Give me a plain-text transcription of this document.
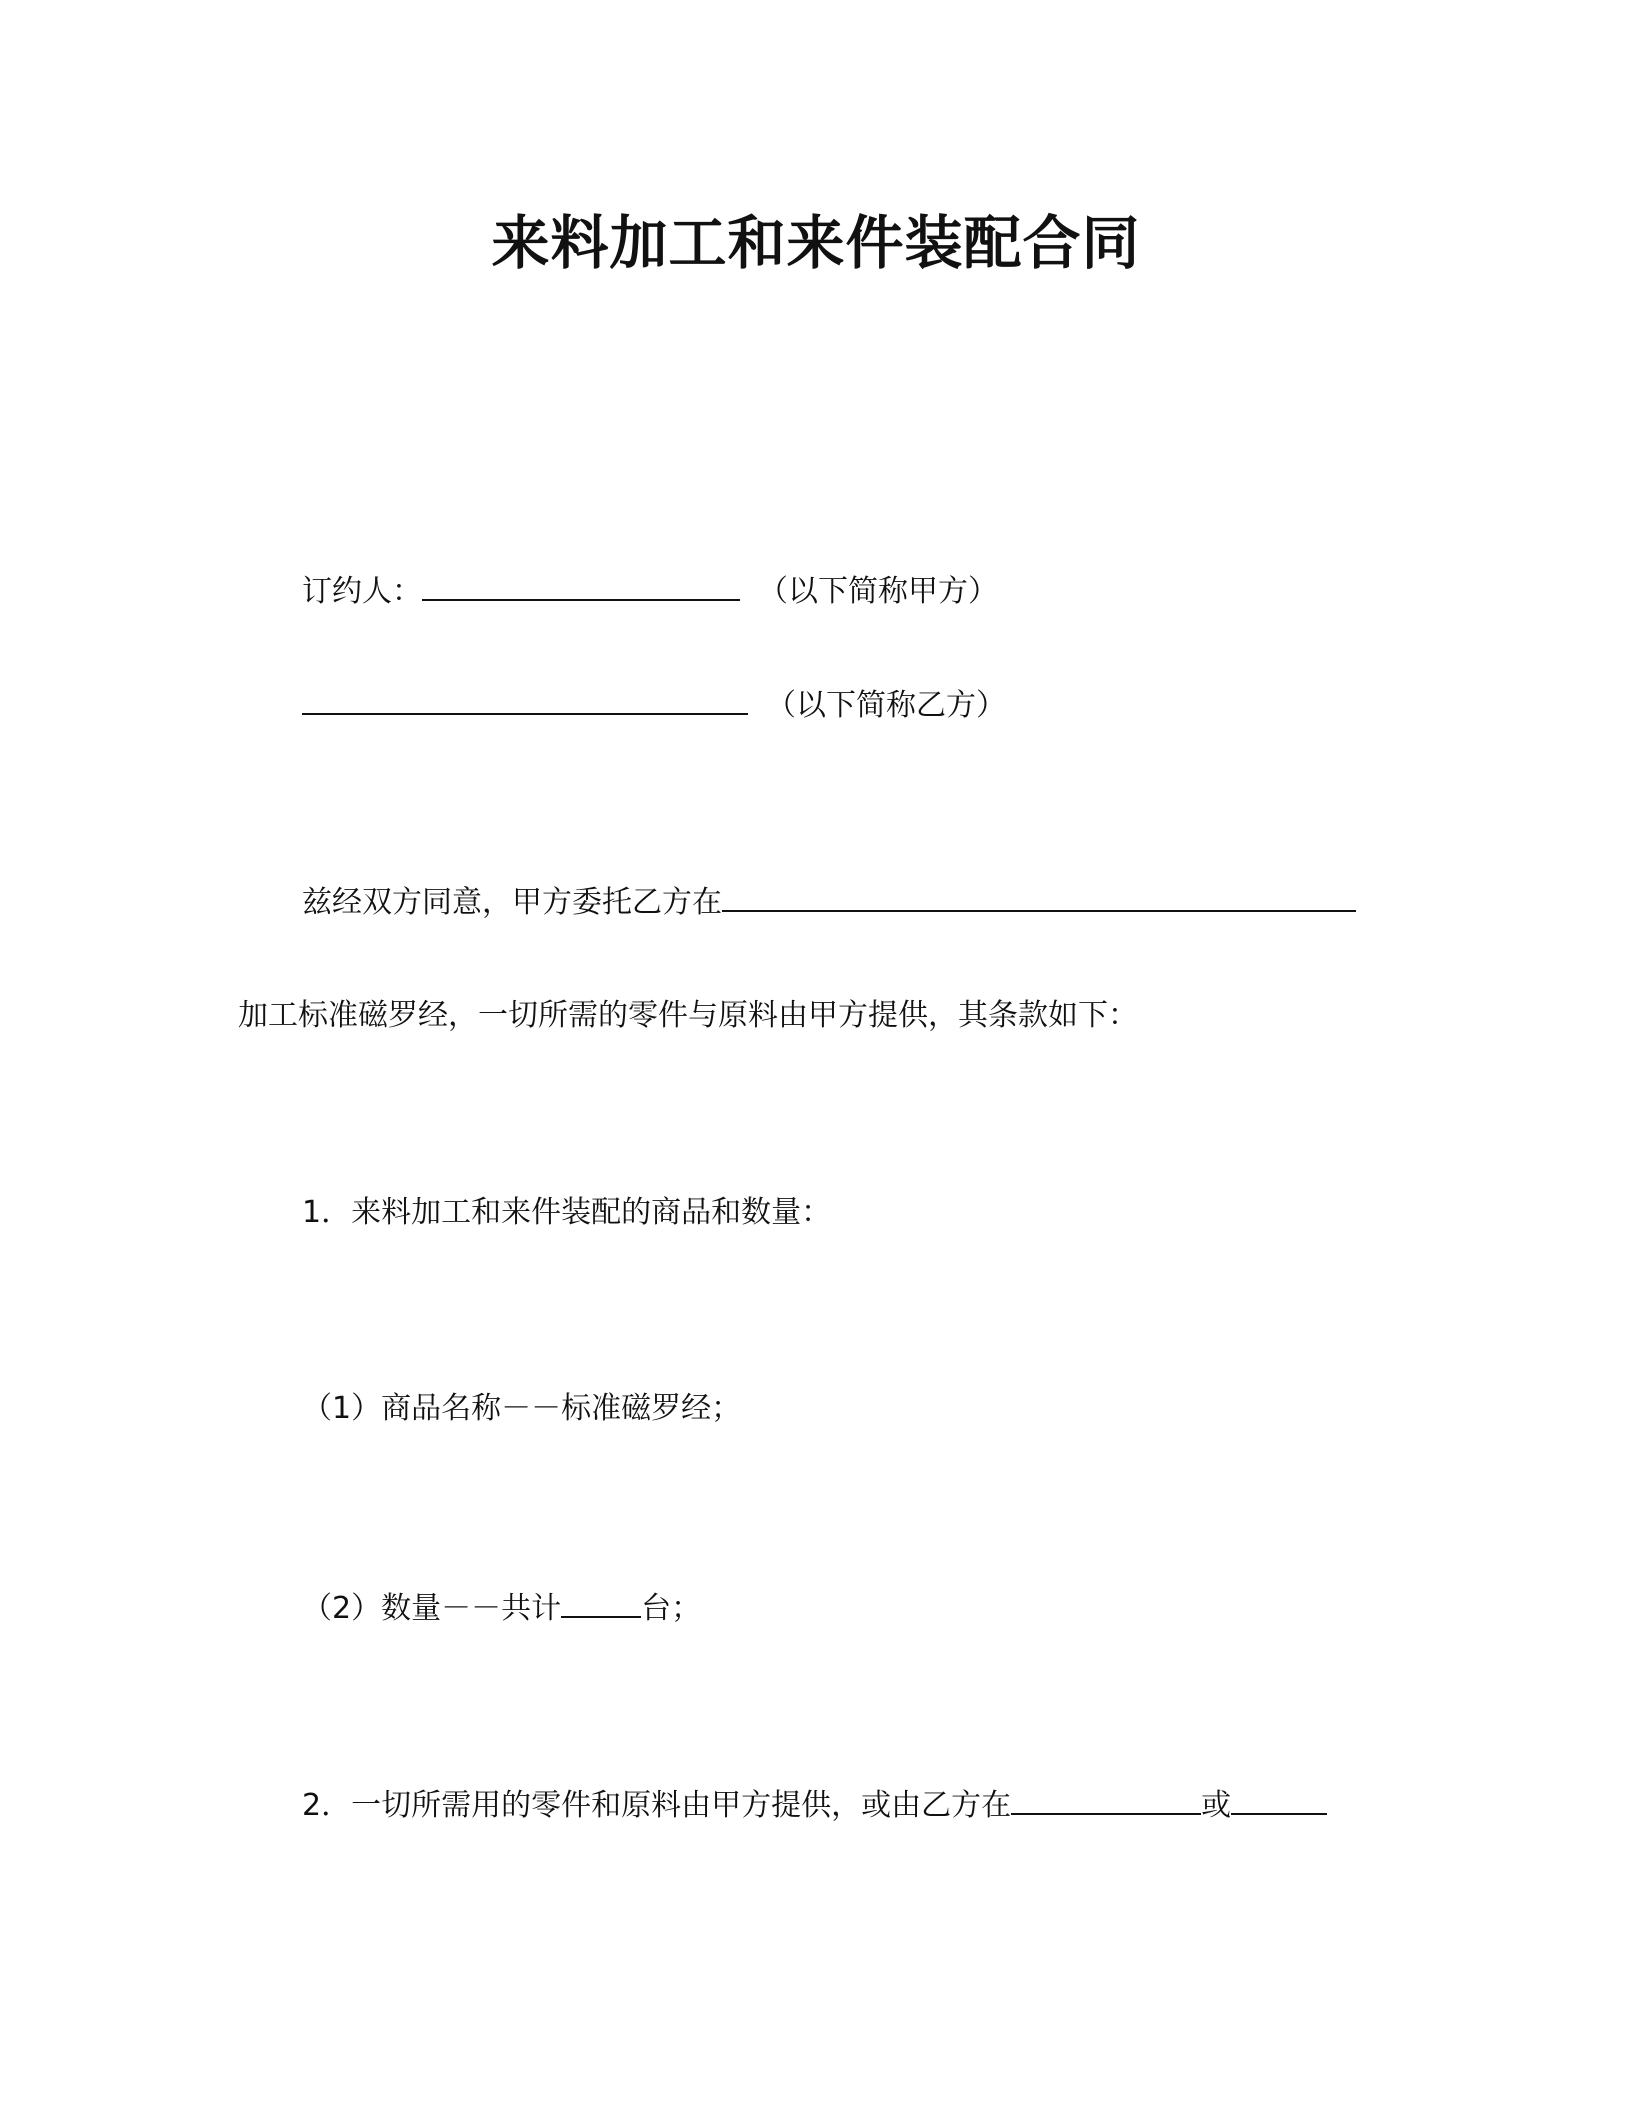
来料加工和来件装配合同
订约人：	（以下简称甲方）
（以下简称乙方）
兹经双方同意，甲方委托乙方在
加工标准磁罗经，一切所需的零件与原料由甲方提供，其条款如下：
1．来料加工和来件装配的商品和数量：
（1）商品名称－－标准磁罗经；
（2）数量－－共计	台；
2．一切所需用的零件和原料由甲方提供，或由乙方在	或
